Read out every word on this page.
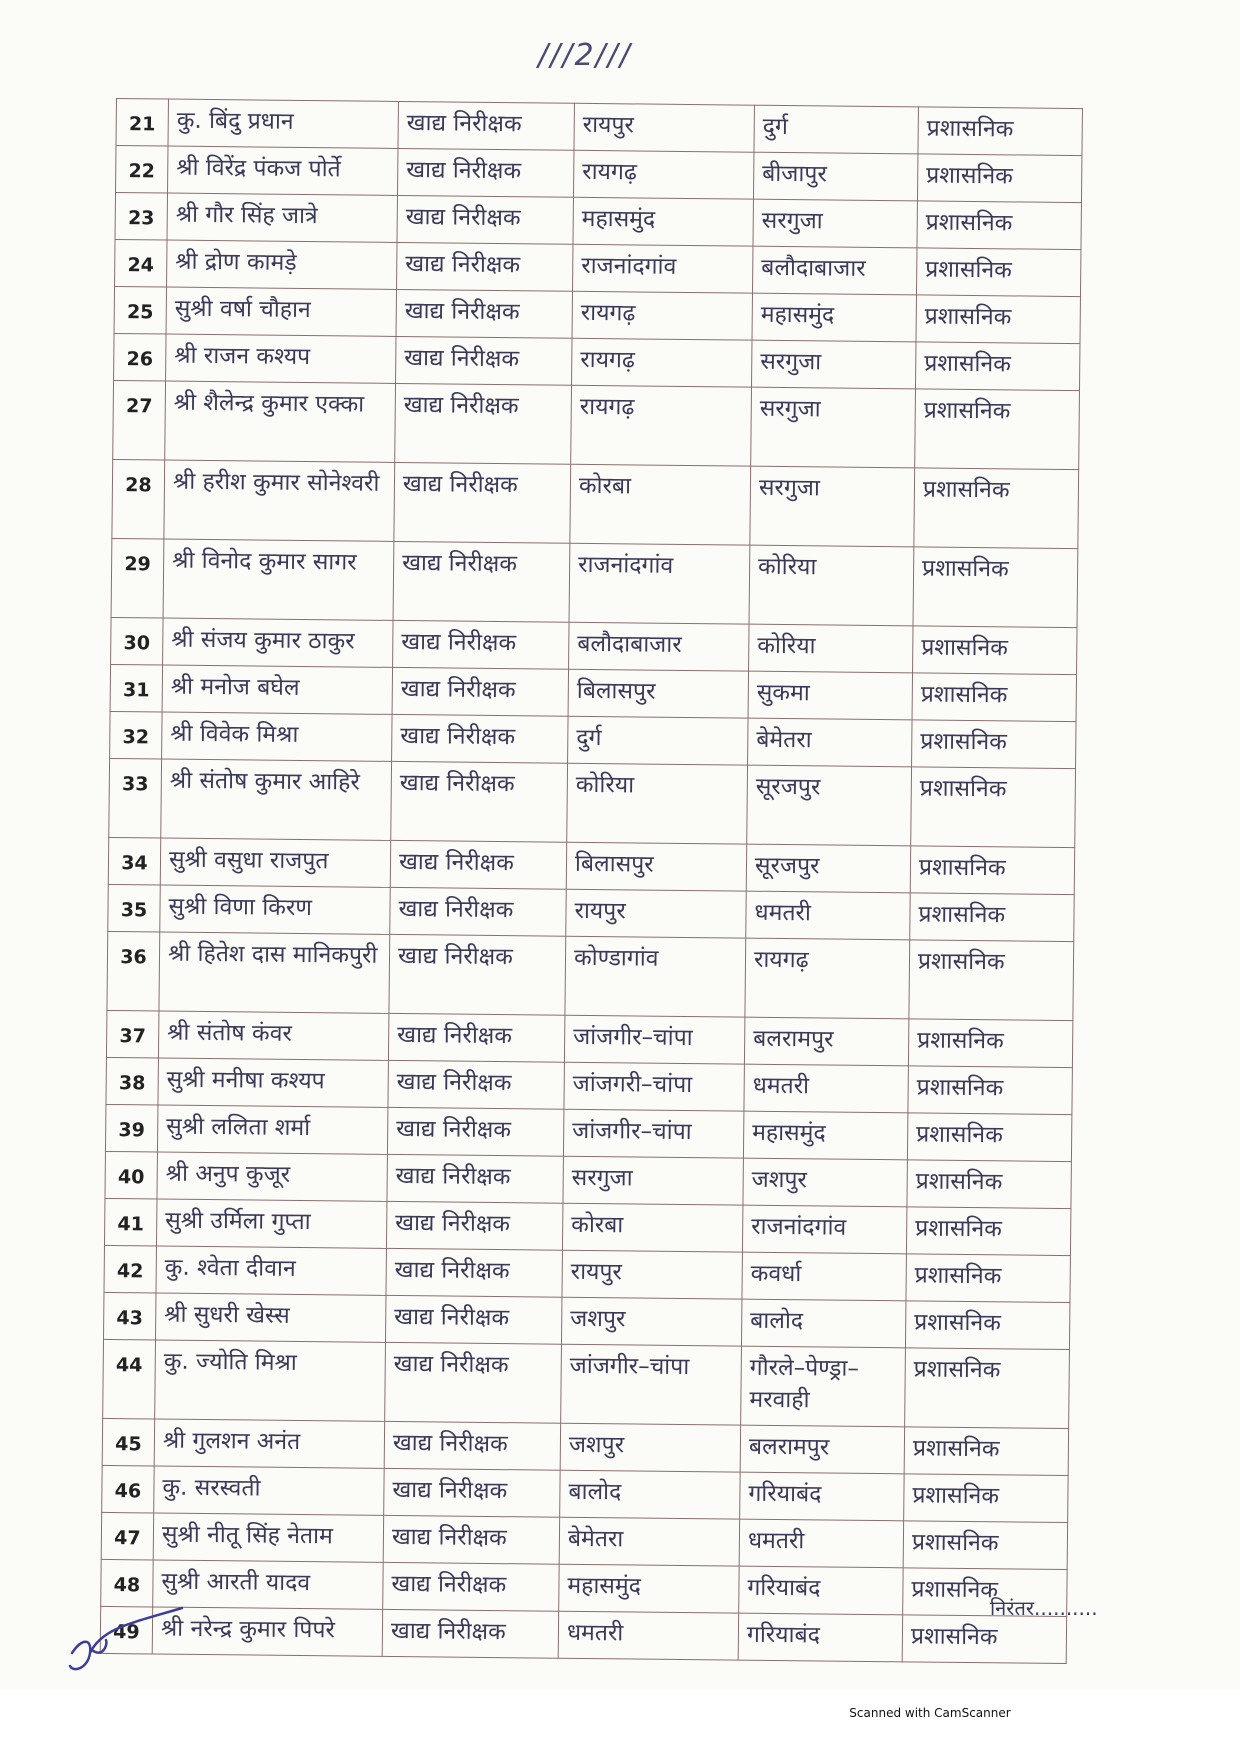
///2///
21	कु. बिंदु प्रधान	खाद्य निरीक्षक	रायपुर	दुर्ग	प्रशासनिक
22	श्री विरेंद्र पंकज पोर्ते	खाद्य निरीक्षक	रायगढ़	बीजापुर	प्रशासनिक
23	श्री गौर सिंह जात्रे	खाद्य निरीक्षक	महासमुंद	सरगुजा	प्रशासनिक
24	श्री द्रोण कामड़े	खाद्य निरीक्षक	राजनांदगांव	बलौदाबाजार	प्रशासनिक
25	सुश्री वर्षा चौहान	खाद्य निरीक्षक	रायगढ़	महासमुंद	प्रशासनिक
26	श्री राजन कश्यप	खाद्य निरीक्षक	रायगढ़	सरगुजा	प्रशासनिक
27	श्री शैलेन्द्र कुमार एक्का	खाद्य निरीक्षक	रायगढ़	सरगुजा	प्रशासनिक
28	श्री हरीश कुमार सोनेश्वरी	खाद्य निरीक्षक	कोरबा	सरगुजा	प्रशासनिक
29	श्री विनोद कुमार सागर	खाद्य निरीक्षक	राजनांदगांव	कोरिया	प्रशासनिक
30	श्री संजय कुमार ठाकुर	खाद्य निरीक्षक	बलौदाबाजार	कोरिया	प्रशासनिक
31	श्री मनोज बघेल	खाद्य निरीक्षक	बिलासपुर	सुकमा	प्रशासनिक
32	श्री विवेक मिश्रा	खाद्य निरीक्षक	दुर्ग	बेमेतरा	प्रशासनिक
33	श्री संतोष कुमार आहिरे	खाद्य निरीक्षक	कोरिया	सूरजपुर	प्रशासनिक
34	सुश्री वसुधा राजपुत	खाद्य निरीक्षक	बिलासपुर	सूरजपुर	प्रशासनिक
35	सुश्री विणा किरण	खाद्य निरीक्षक	रायपुर	धमतरी	प्रशासनिक
36	श्री हितेश दास मानिकपुरी	खाद्य निरीक्षक	कोण्डागांव	रायगढ़	प्रशासनिक
37	श्री संतोष कंवर	खाद्य निरीक्षक	जांजगीर–चांपा	बलरामपुर	प्रशासनिक
38	सुश्री मनीषा कश्यप	खाद्य निरीक्षक	जांजगरी–चांपा	धमतरी	प्रशासनिक
39	सुश्री ललिता शर्मा	खाद्य निरीक्षक	जांजगीर–चांपा	महासमुंद	प्रशासनिक
40	श्री अनुप कुजूर	खाद्य निरीक्षक	सरगुजा	जशपुर	प्रशासनिक
41	सुश्री उर्मिला गुप्ता	खाद्य निरीक्षक	कोरबा	राजनांदगांव	प्रशासनिक
42	कु. श्वेता दीवान	खाद्य निरीक्षक	रायपुर	कवर्धा	प्रशासनिक
43	श्री सुधरी खेस्स	खाद्य निरीक्षक	जशपुर	बालोद	प्रशासनिक
44	कु. ज्योति मिश्रा	खाद्य निरीक्षक	जांजगीर–चांपा	गौरले–पेण्ड्रा–मरवाही	प्रशासनिक
45	श्री गुलशन अनंत	खाद्य निरीक्षक	जशपुर	बलरामपुर	प्रशासनिक
46	कु. सरस्वती	खाद्य निरीक्षक	बालोद	गरियाबंद	प्रशासनिक
47	सुश्री नीतू सिंह नेताम	खाद्य निरीक्षक	बेमेतरा	धमतरी	प्रशासनिक
48	सुश्री आरती यादव	खाद्य निरीक्षक	महासमुंद	गरियाबंद	प्रशासनिक
49	श्री नरेन्द्र कुमार पिपरे	खाद्य निरीक्षक	धमतरी	गरियाबंद	प्रशासनिक
निरंतर..........
Scanned with CamScanner
